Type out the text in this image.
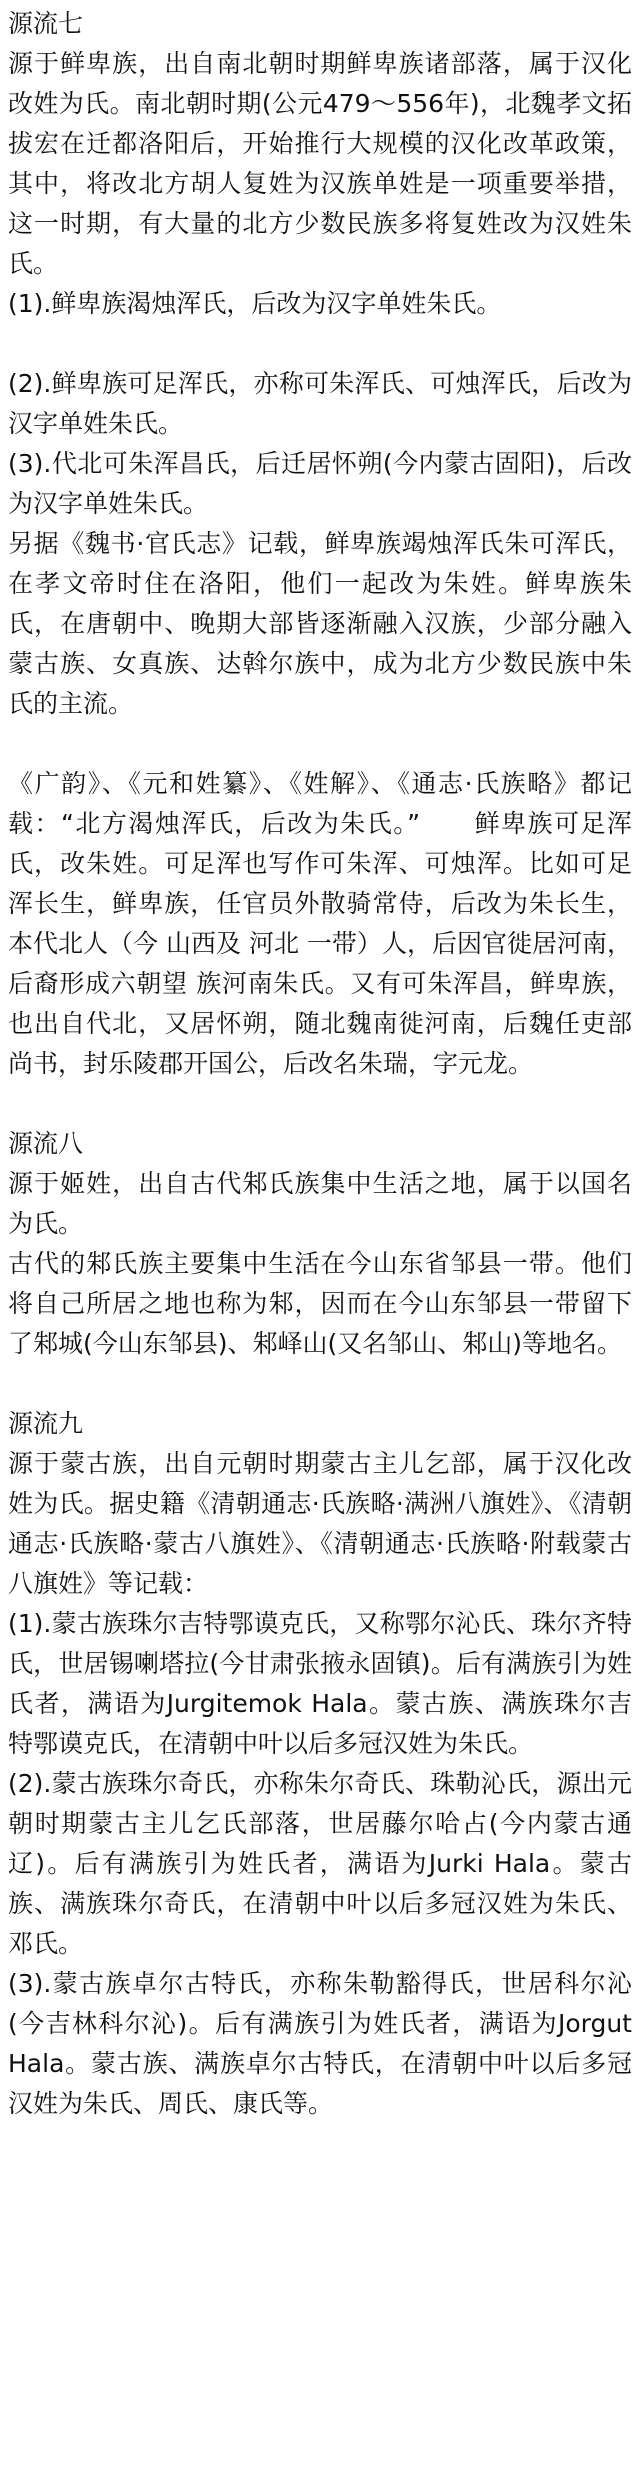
源流七
源于鲜卑族，出自南北朝时期鲜卑族诸部落，属于汉化改姓为氏。南北朝时期(公元479～556年)，北魏孝文拓拔宏在迁都洛阳后，开始推行大规模的汉化改革政策，其中，将改北方胡人复姓为汉族单姓是一项重要举措，这一时期，有大量的北方少数民族多将复姓改为汉姓朱氏。
(1).鲜卑族渴烛浑氏，后改为汉字单姓朱氏。
(2).鲜卑族可足浑氏，亦称可朱浑氏、可烛浑氏，后改为汉字单姓朱氏。
(3).代北可朱浑昌氏，后迁居怀朔(今内蒙古固阳)，后改为汉字单姓朱氏。
另据《魏书·官氏志》记载，鲜卑族竭烛浑氏朱可浑氏，在孝文帝时住在洛阳，他们一起改为朱姓。鲜卑族朱氏，在唐朝中、晚期大部皆逐渐融入汉族，少部分融入蒙古族、女真族、达斡尔族中，成为北方少数民族中朱氏的主流。
《广韵》、《元和姓纂》、《姓解》、《通志·氏族略》都记载：“北方渴烛浑氏，后改为朱氏。”　　鲜卑族可足浑氏，改朱姓。可足浑也写作可朱浑、可烛浑。比如可足浑长生，鲜卑族，任官员外散骑常侍，后改为朱长生，本代北人（今 山西及 河北 一带）人，后因官徙居河南，后裔形成六朝望 族河南朱氏。又有可朱浑昌，鲜卑族，也出自代北，又居怀朔，随北魏南徙河南，后魏任吏部尚书，封乐陵郡开国公，后改名朱瑞，字元龙。
源流八
源于姬姓，出自古代邾氏族集中生活之地，属于以国名为氏。
古代的邾氏族主要集中生活在今山东省邹县一带。他们将自己所居之地也称为邾，因而在今山东邹县一带留下了邾城(今山东邹县)、邾峄山(又名邹山、邾山)等地名。
源流九
源于蒙古族，出自元朝时期蒙古主儿乞部，属于汉化改姓为氏。据史籍《清朝通志·氏族略·满洲八旗姓》、《清朝通志·氏族略·蒙古八旗姓》、《清朝通志·氏族略·附载蒙古八旗姓》等记载：
(1).蒙古族珠尔吉特鄂谟克氏，又称鄂尔沁氏、珠尔齐特氏，世居锡喇塔拉(今甘肃张掖永固镇)。后有满族引为姓氏者，满语为Jurgitemok Hala。蒙古族、满族珠尔吉特鄂谟克氏，在清朝中叶以后多冠汉姓为朱氏。
(2).蒙古族珠尔奇氏，亦称朱尔奇氏、珠勒沁氏，源出元朝时期蒙古主儿乞氏部落，世居藤尔哈占(今内蒙古通辽)。后有满族引为姓氏者，满语为Jurki Hala。蒙古族、满族珠尔奇氏，在清朝中叶以后多冠汉姓为朱氏、邓氏。
(3).蒙古族卓尔古特氏，亦称朱勒豁得氏，世居科尔沁(今吉林科尔沁)。后有满族引为姓氏者，满语为Jorgut Hala。蒙古族、满族卓尔古特氏，在清朝中叶以后多冠汉姓为朱氏、周氏、康氏等。
